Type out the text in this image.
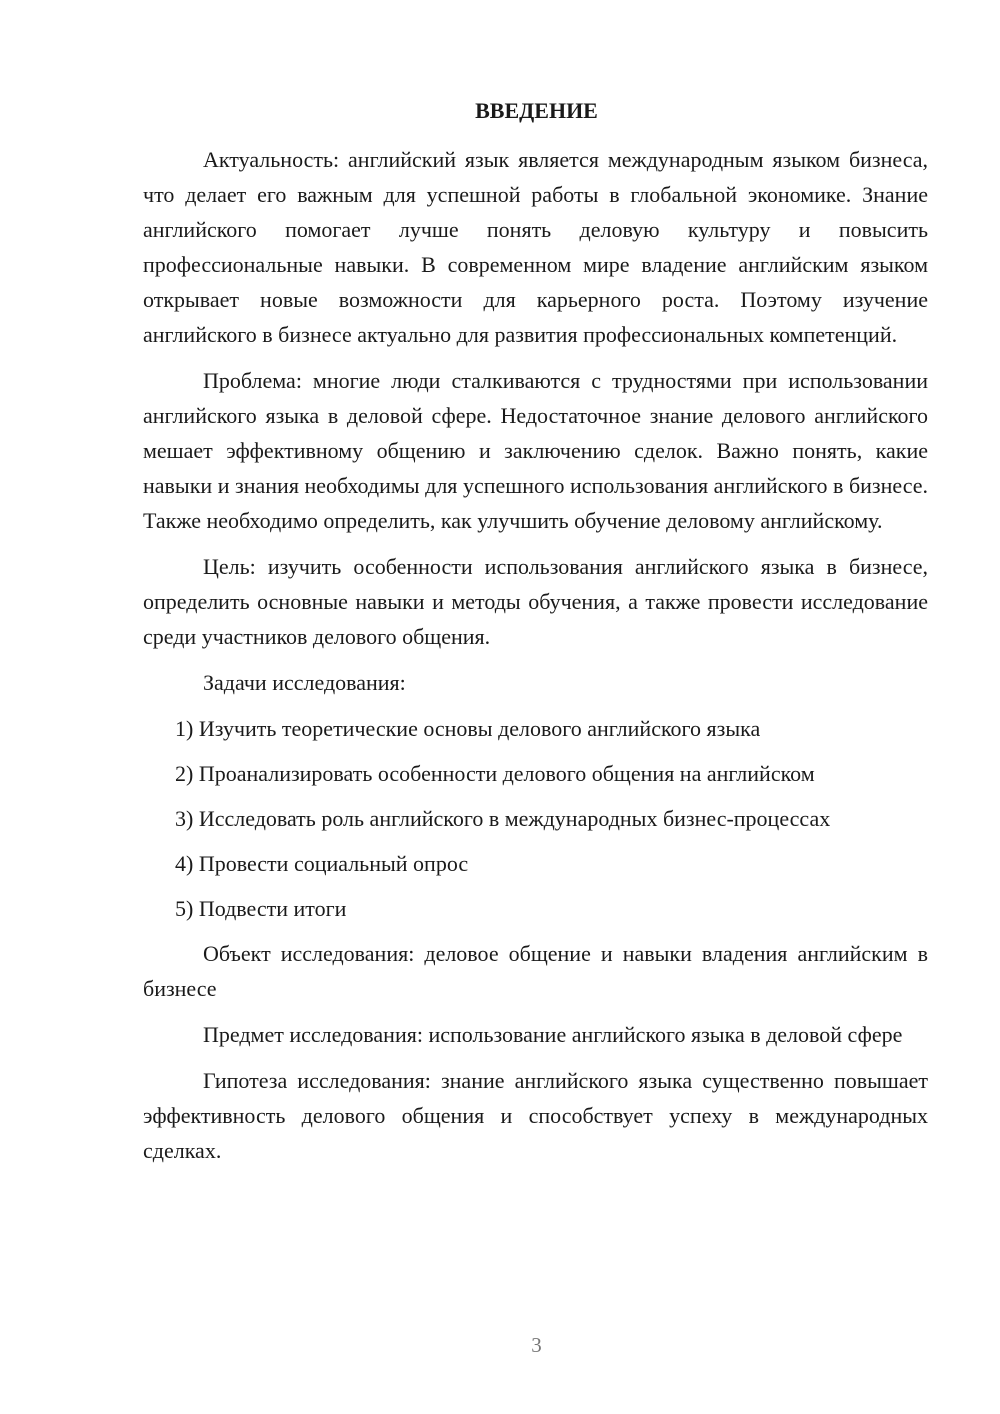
ВВЕДЕНИЕ

Актуальность: английский язык является международным языком бизнеса, что делает его важным для успешной работы в глобальной экономике. Знание английского помогает лучше понять деловую культуру и повысить профессиональные навыки. В современном мире владение английским языком открывает новые возможности для карьерного роста. Поэтому изучение английского в бизнесе актуально для развития профессиональных компетенций.

Проблема: многие люди сталкиваются с трудностями при использовании английского языка в деловой сфере. Недостаточное знание делового английского мешает эффективному общению и заключению сделок. Важно понять, какие навыки и знания необходимы для успешного использования английского в бизнесе. Также необходимо определить, как улучшить обучение деловому английскому.

Цель: изучить особенности использования английского языка в бизнесе, определить основные навыки и методы обучения, а также провести исследование среди участников делового общения.

Задачи исследования:

1) Изучить теоретические основы делового английского языка
2) Проанализировать особенности делового общения на английском
3) Исследовать роль английского в международных бизнес-процессах
4) Провести социальный опрос
5) Подвести итоги

Объект исследования: деловое общение и навыки владения английским в бизнесе

Предмет исследования: использование английского языка в деловой сфере

Гипотеза исследования: знание английского языка существенно повышает эффективность делового общения и способствует успеху в международных сделках.

3
